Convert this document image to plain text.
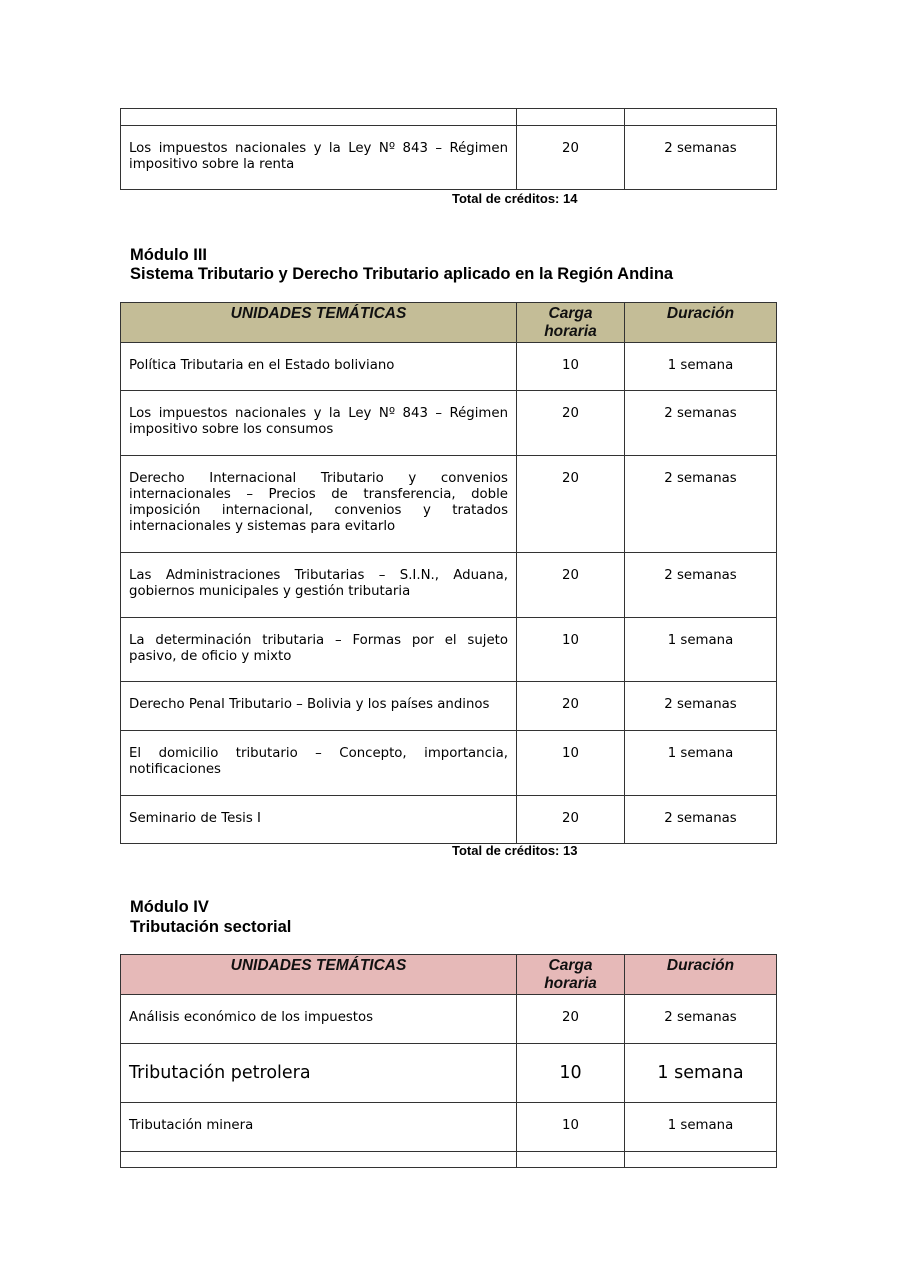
Los impuestos nacionales y la Ley Nº 843 – Régimen impositivo sobre la renta	20	2 semanas
Total de créditos: 14
Módulo III
Sistema Tributario y Derecho Tributario aplicado en la Región Andina
UNIDADES TEMÁTICAS	Carga horaria	Duración
Política Tributaria en el Estado boliviano	10	1 semana
Los impuestos nacionales y la Ley Nº 843 – Régimen impositivo sobre los consumos	20	2 semanas
Derecho Internacional Tributario y convenios internacionales – Precios de transferencia, doble imposición internacional, convenios y tratados internacionales y sistemas para evitarlo	20	2 semanas
Las Administraciones Tributarias – S.I.N., Aduana, gobiernos municipales y gestión tributaria	20	2 semanas
La determinación tributaria – Formas por el sujeto pasivo, de oficio y mixto	10	1 semana
Derecho Penal Tributario – Bolivia y los países andinos	20	2 semanas
El domicilio tributario – Concepto, importancia, notificaciones	10	1 semana
Seminario de Tesis I	20	2 semanas
Total de créditos: 13
Módulo IV
Tributación sectorial
UNIDADES TEMÁTICAS	Carga horaria	Duración
Análisis económico de los impuestos	20	2 semanas
Tributación petrolera	10	1 semana
Tributación minera	10	1 semana
